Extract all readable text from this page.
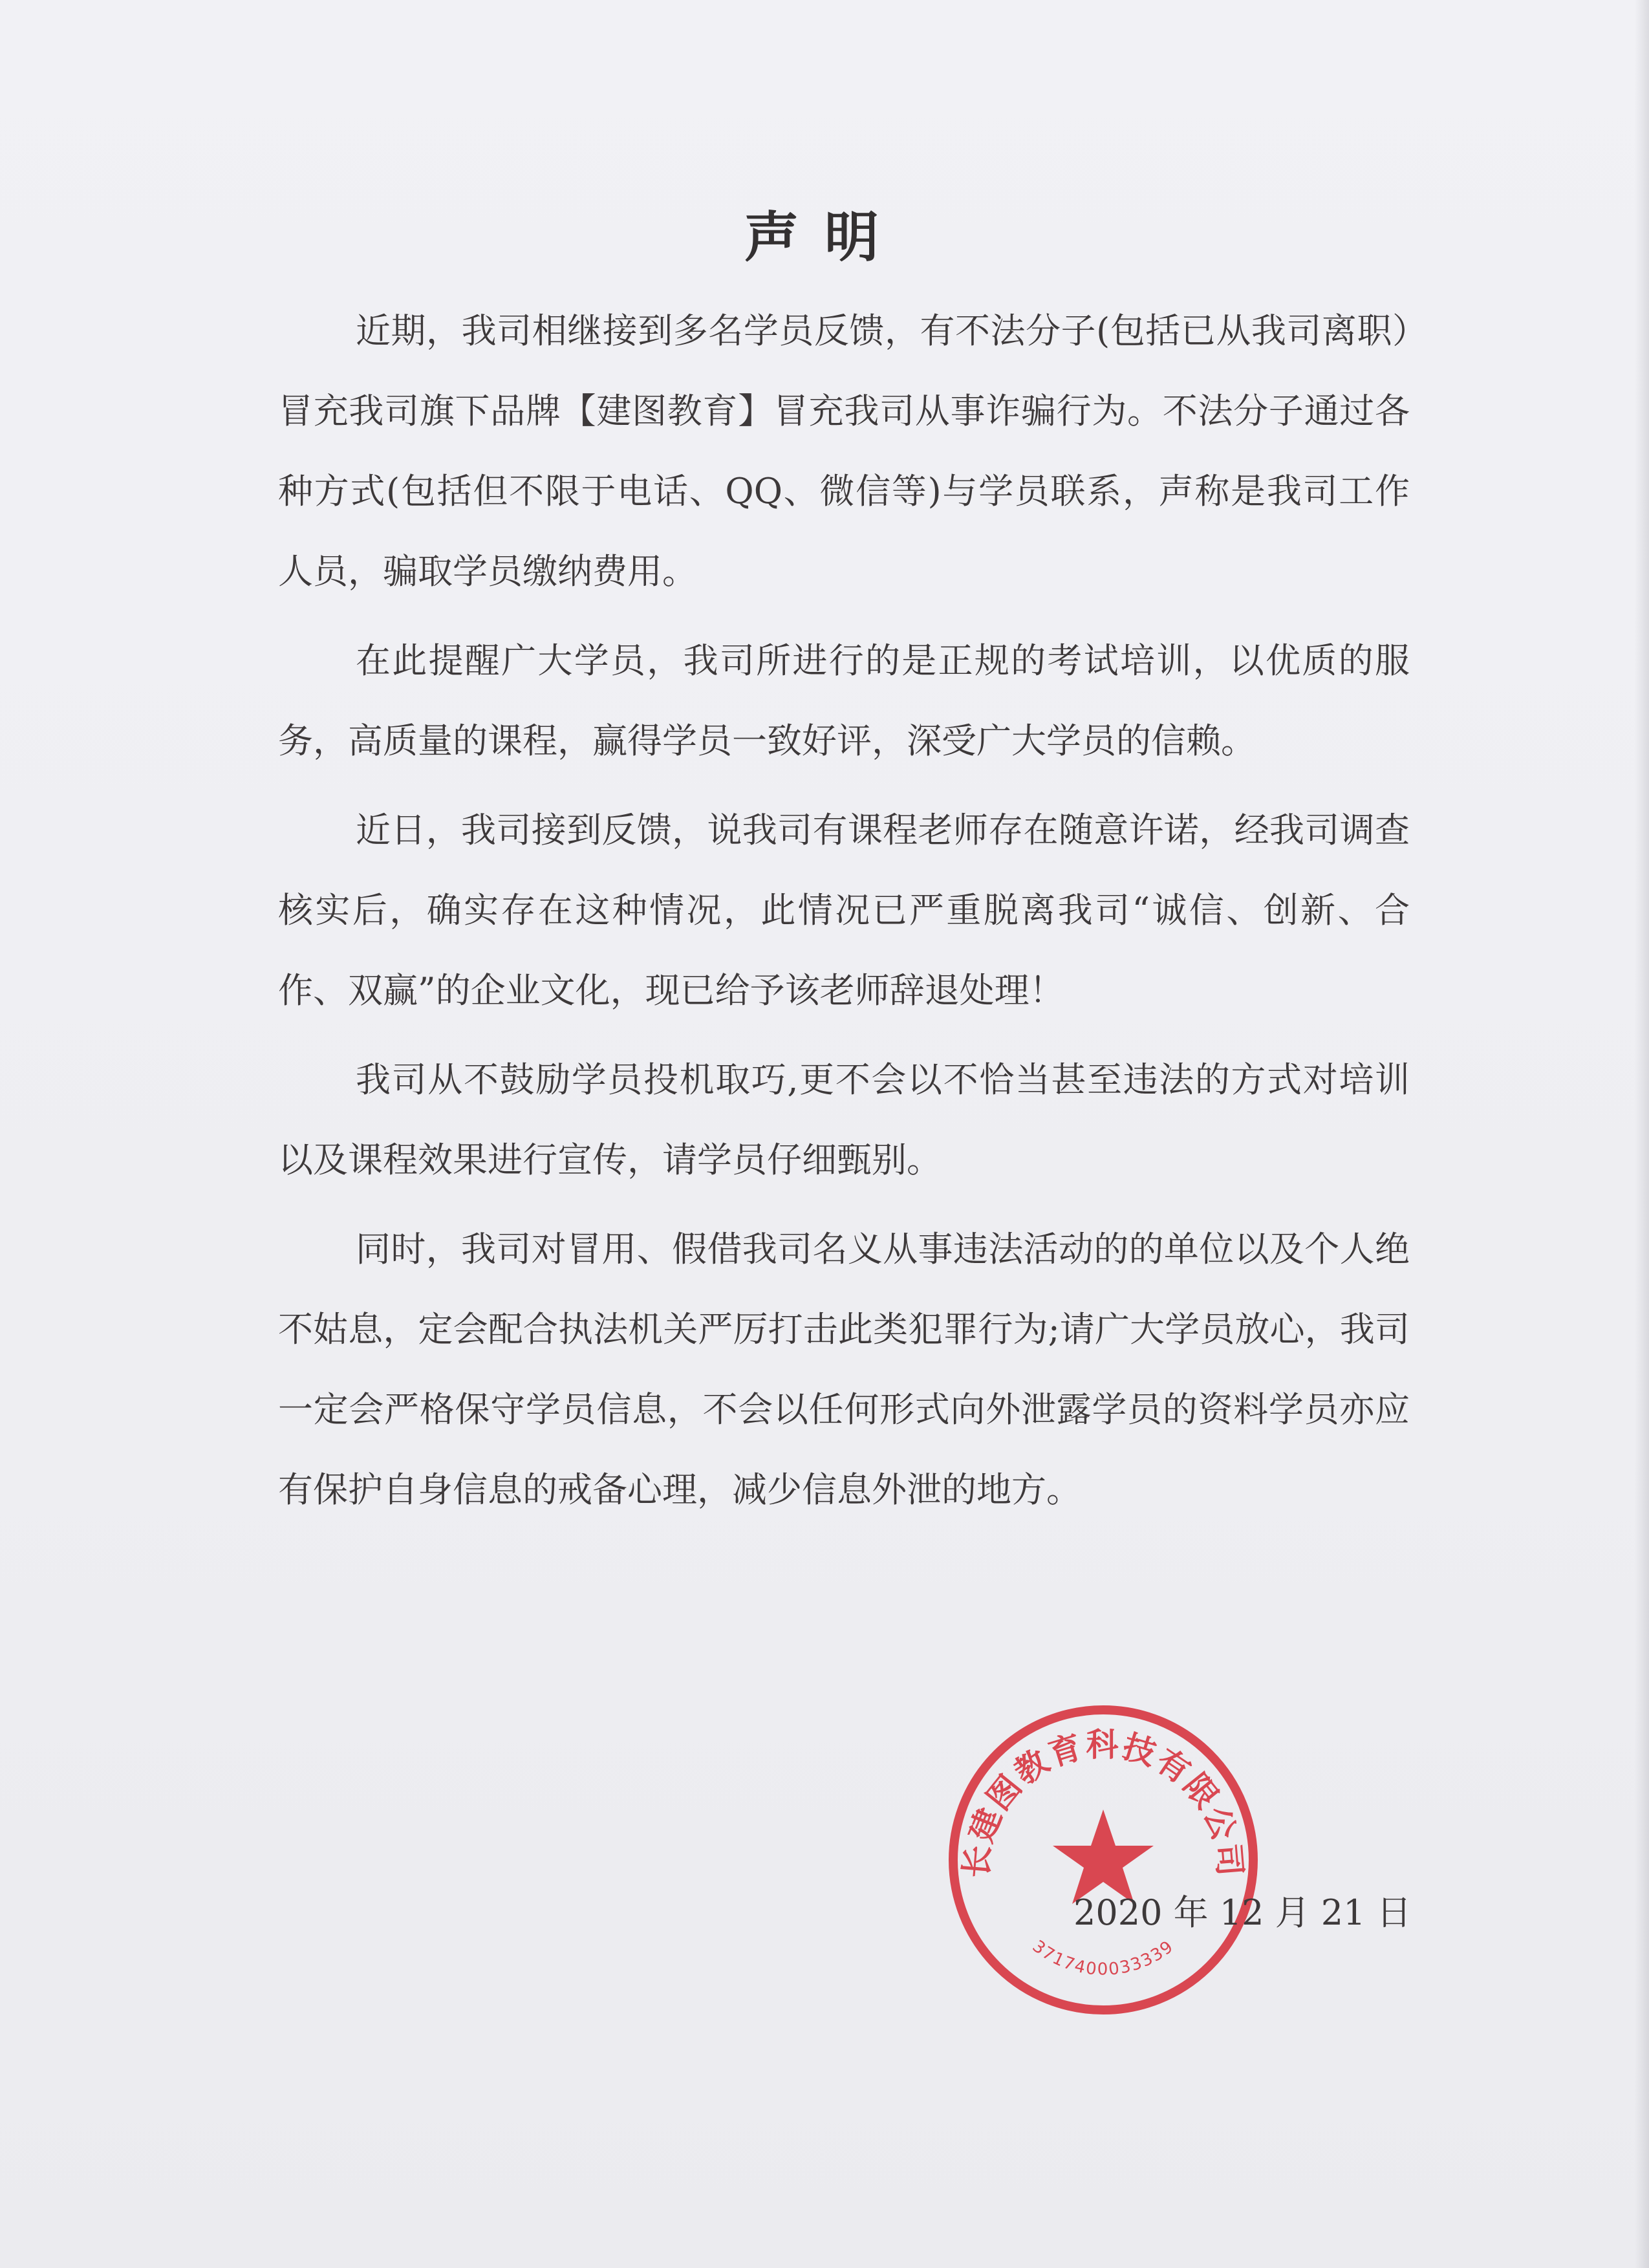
声明

近期，我司相继接到多名学员反馈，有不法分子(包括已从我司离职）冒充我司旗下品牌【建图教育】冒充我司从事诈骗行为。不法分子通过各种方式(包括但不限于电话、QQ、微信等)与学员联系，声称是我司工作人员，骗取学员缴纳费用。

在此提醒广大学员，我司所进行的是正规的考试培训，以优质的服务，高质量的课程，赢得学员一致好评，深受广大学员的信赖。

近日，我司接到反馈，说我司有课程老师存在随意许诺，经我司调查核实后，确实存在这种情况，此情况已严重脱离我司“诚信、创新、合作、双赢”的企业文化，现已给予该老师辞退处理！

我司从不鼓励学员投机取巧,更不会以不恰当甚至违法的方式对培训以及课程效果进行宣传，请学员仔细甄别。

同时，我司对冒用、假借我司名义从事违法活动的的单位以及个人绝不姑息，定会配合执法机关严厉打击此类犯罪行为;请广大学员放心，我司一定会严格保守学员信息，不会以任何形式向外泄露学员的资料学员亦应有保护自身信息的戒备心理，减少信息外泄的地方。

2020 年 12 月 21 日
长建图教育科技有限公司
3717400033339
